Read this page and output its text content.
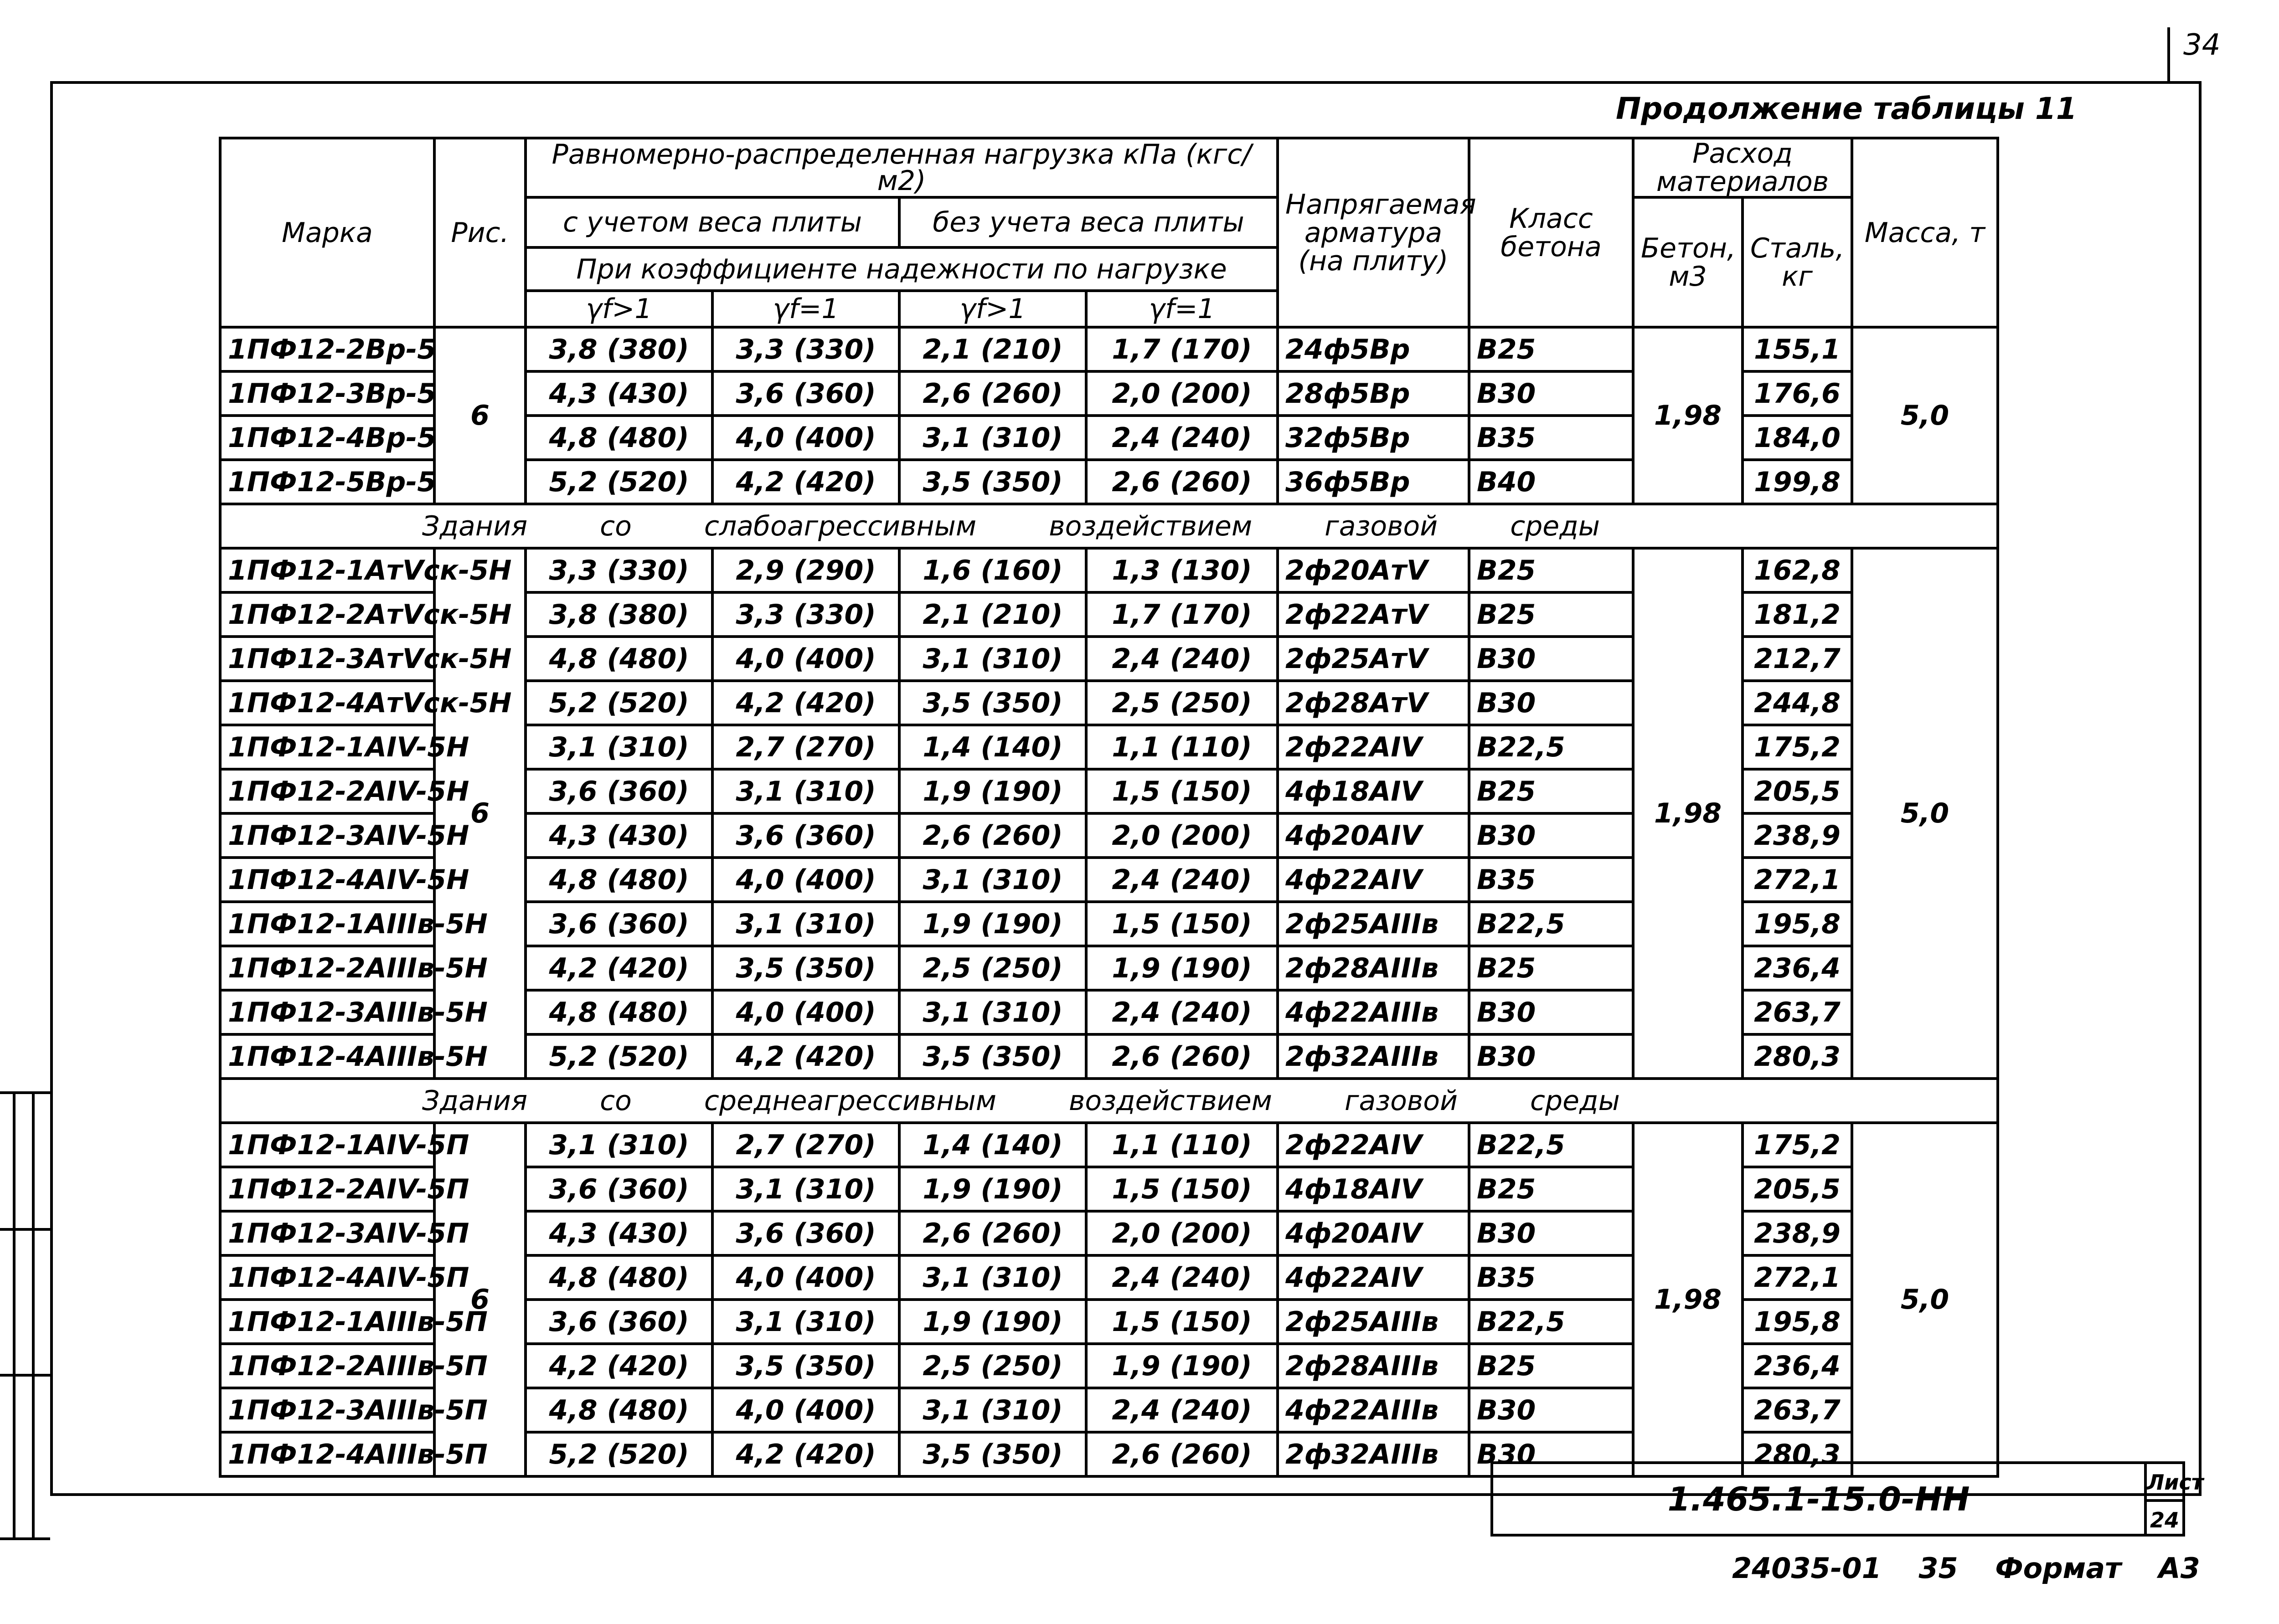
34
Продолжение таблицы 11
Марка	Рис.	Равномерно-распределенная нагрузка кПа (кгс/м2)				Напрягаемая арматура (на плиту)	Класс бетона	Расход материалов		Масса, т
		с учетом веса плиты		без учета веса плиты				Бетон, м3	Сталь, кг	
		При коэффициенте надежности по нагрузке								
		γf>1	γf=1	γf>1	γf=1					
1ПФ12-2Вр-5	6	3,8 (380)	3,3 (330)	2,1 (210)	1,7 (170)	24ф5Вр	В25	1,98	155,1	5,0
1ПФ12-3Вр-5		4,3 (430)	3,6 (360)	2,6 (260)	2,0 (200)	28ф5Вр	В30		176,6	
1ПФ12-4Вр-5		4,8 (480)	4,0 (400)	3,1 (310)	2,4 (240)	32ф5Вр	В35		184,0	
1ПФ12-5Вр-5		5,2 (520)	4,2 (420)	3,5 (350)	2,6 (260)	36ф5Вр	В40		199,8	
Здания со слабоагрессивным воздействием газовой среды										
1ПФ12-1АтVск-5Н	6	3,3 (330)	2,9 (290)	1,6 (160)	1,3 (130)	2ф20АтV	В25	1,98	162,8	5,0
1ПФ12-2АтVск-5Н		3,8 (380)	3,3 (330)	2,1 (210)	1,7 (170)	2ф22АтV	В25		181,2	
1ПФ12-3АтVск-5Н		4,8 (480)	4,0 (400)	3,1 (310)	2,4 (240)	2ф25АтV	В30		212,7	
1ПФ12-4АтVск-5Н		5,2 (520)	4,2 (420)	3,5 (350)	2,5 (250)	2ф28АтV	В30		244,8	
1ПФ12-1АIV-5Н		3,1 (310)	2,7 (270)	1,4 (140)	1,1 (110)	2ф22АIV	В22,5		175,2	
1ПФ12-2АIV-5Н		3,6 (360)	3,1 (310)	1,9 (190)	1,5 (150)	4ф18АIV	В25		205,5	
1ПФ12-3АIV-5Н		4,3 (430)	3,6 (360)	2,6 (260)	2,0 (200)	4ф20АIV	В30		238,9	
1ПФ12-4АIV-5Н		4,8 (480)	4,0 (400)	3,1 (310)	2,4 (240)	4ф22АIV	В35		272,1	
1ПФ12-1АIIIв-5Н		3,6 (360)	3,1 (310)	1,9 (190)	1,5 (150)	2ф25АIIIв	В22,5		195,8	
1ПФ12-2АIIIв-5Н		4,2 (420)	3,5 (350)	2,5 (250)	1,9 (190)	2ф28АIIIв	В25		236,4	
1ПФ12-3АIIIв-5Н		4,8 (480)	4,0 (400)	3,1 (310)	2,4 (240)	4ф22АIIIв	В30		263,7	
1ПФ12-4АIIIв-5Н		5,2 (520)	4,2 (420)	3,5 (350)	2,6 (260)	2ф32АIIIв	В30		280,3	
Здания со среднеагрессивным воздействием газовой среды										
1ПФ12-1АIV-5П	6	3,1 (310)	2,7 (270)	1,4 (140)	1,1 (110)	2ф22АIV	В22,5	1,98	175,2	5,0
1ПФ12-2АIV-5П		3,6 (360)	3,1 (310)	1,9 (190)	1,5 (150)	4ф18АIV	В25		205,5	
1ПФ12-3АIV-5П		4,3 (430)	3,6 (360)	2,6 (260)	2,0 (200)	4ф20АIV	В30		238,9	
1ПФ12-4АIV-5П		4,8 (480)	4,0 (400)	3,1 (310)	2,4 (240)	4ф22АIV	В35		272,1	
1ПФ12-1АIIIв-5П		3,6 (360)	3,1 (310)	1,9 (190)	1,5 (150)	2ф25АIIIв	В22,5		195,8	
1ПФ12-2АIIIв-5П		4,2 (420)	3,5 (350)	2,5 (250)	1,9 (190)	2ф28АIIIв	В25		236,4	
1ПФ12-3АIIIв-5П		4,8 (480)	4,0 (400)	3,1 (310)	2,4 (240)	4ф22АIIIв	В30		263,7	
1ПФ12-4АIIIв-5П		5,2 (520)	4,2 (420)	3,5 (350)	2,6 (260)	2ф32АIIIв	В30		280,3	
1.465.1-15.0-НН	Лист
24
24035-01 35 Формат А3
